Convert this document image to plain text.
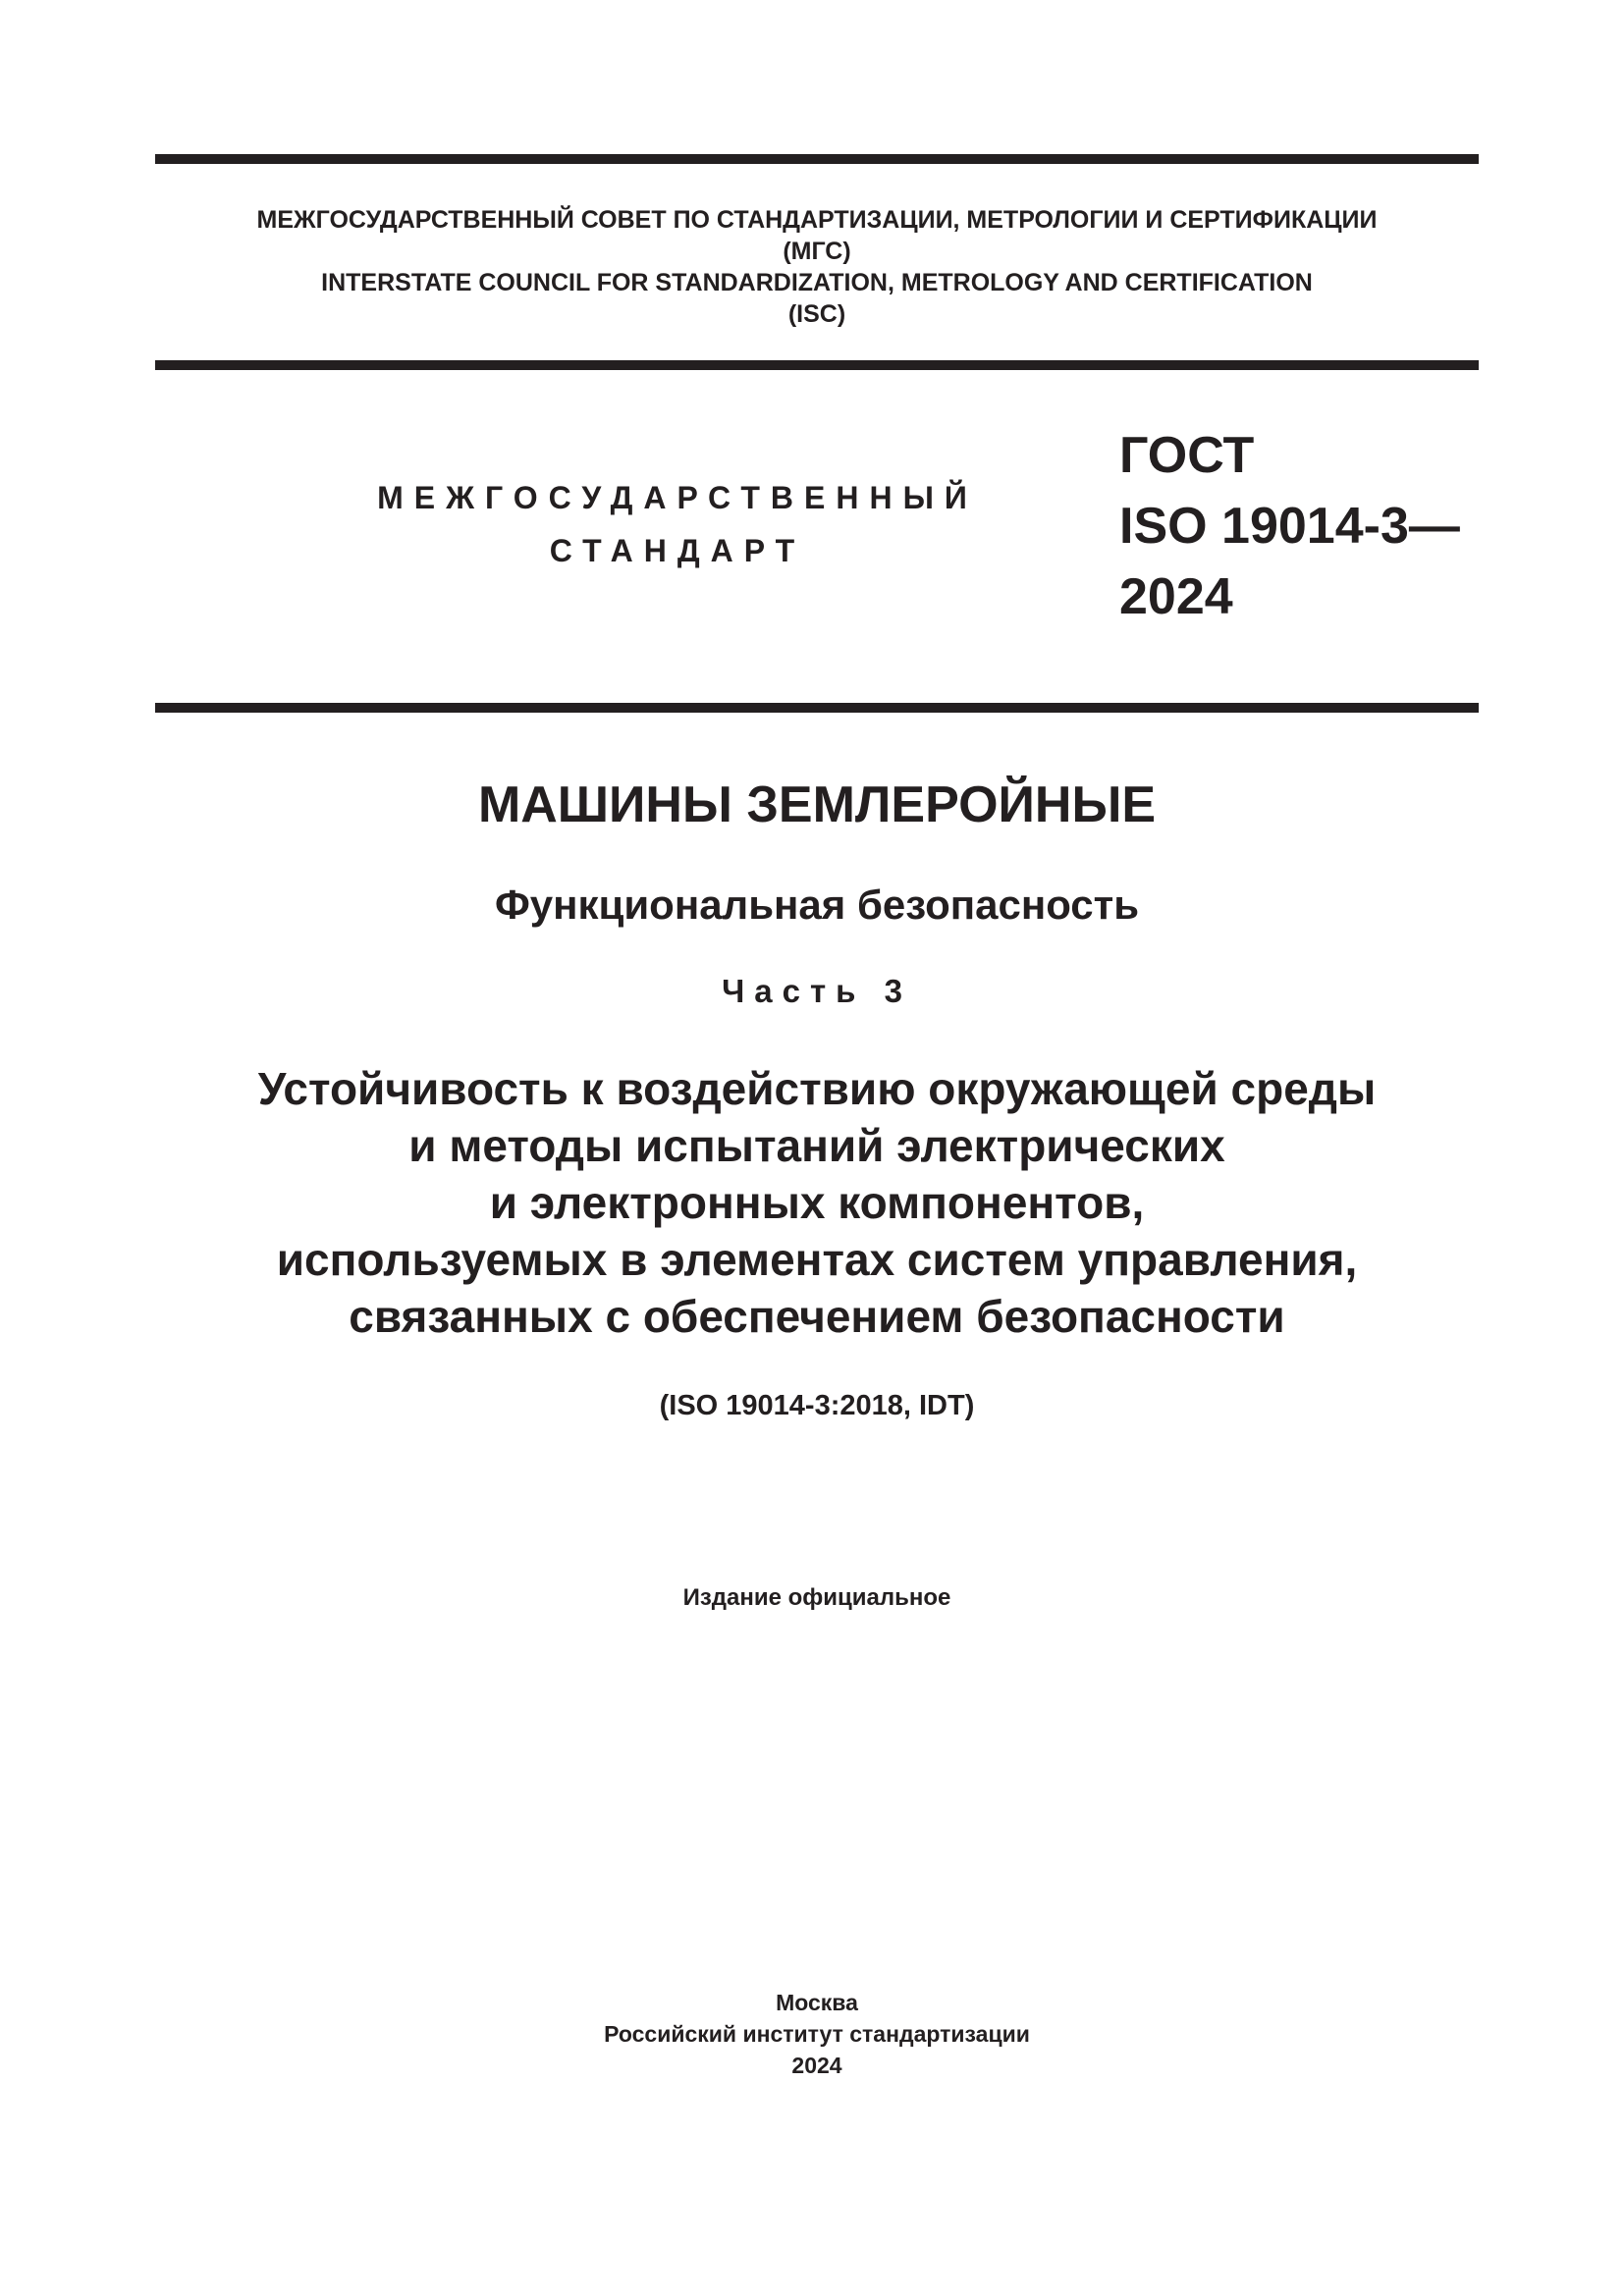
МЕЖГОСУДАРСТВЕННЫЙ СОВЕТ ПО СТАНДАРТИЗАЦИИ, МЕТРОЛОГИИ И СЕРТИФИКАЦИИ
(МГС)
INTERSTATE COUNCIL FOR STANDARDIZATION, METROLOGY AND CERTIFICATION
(ISC)
МЕЖГОСУДАРСТВЕННЫЙ
СТАНДАРТ
ГОСТ
ISO 19014-3—
2024
МАШИНЫ ЗЕМЛЕРОЙНЫЕ
Функциональная безопасность
Часть 3
Устойчивость к воздействию окружающей среды
и методы испытаний электрических
и электронных компонентов,
используемых в элементах систем управления,
связанных с обеспечением безопасности
(ISO 19014-3:2018, IDT)
Издание официальное
Москва
Российский институт стандартизации
2024
